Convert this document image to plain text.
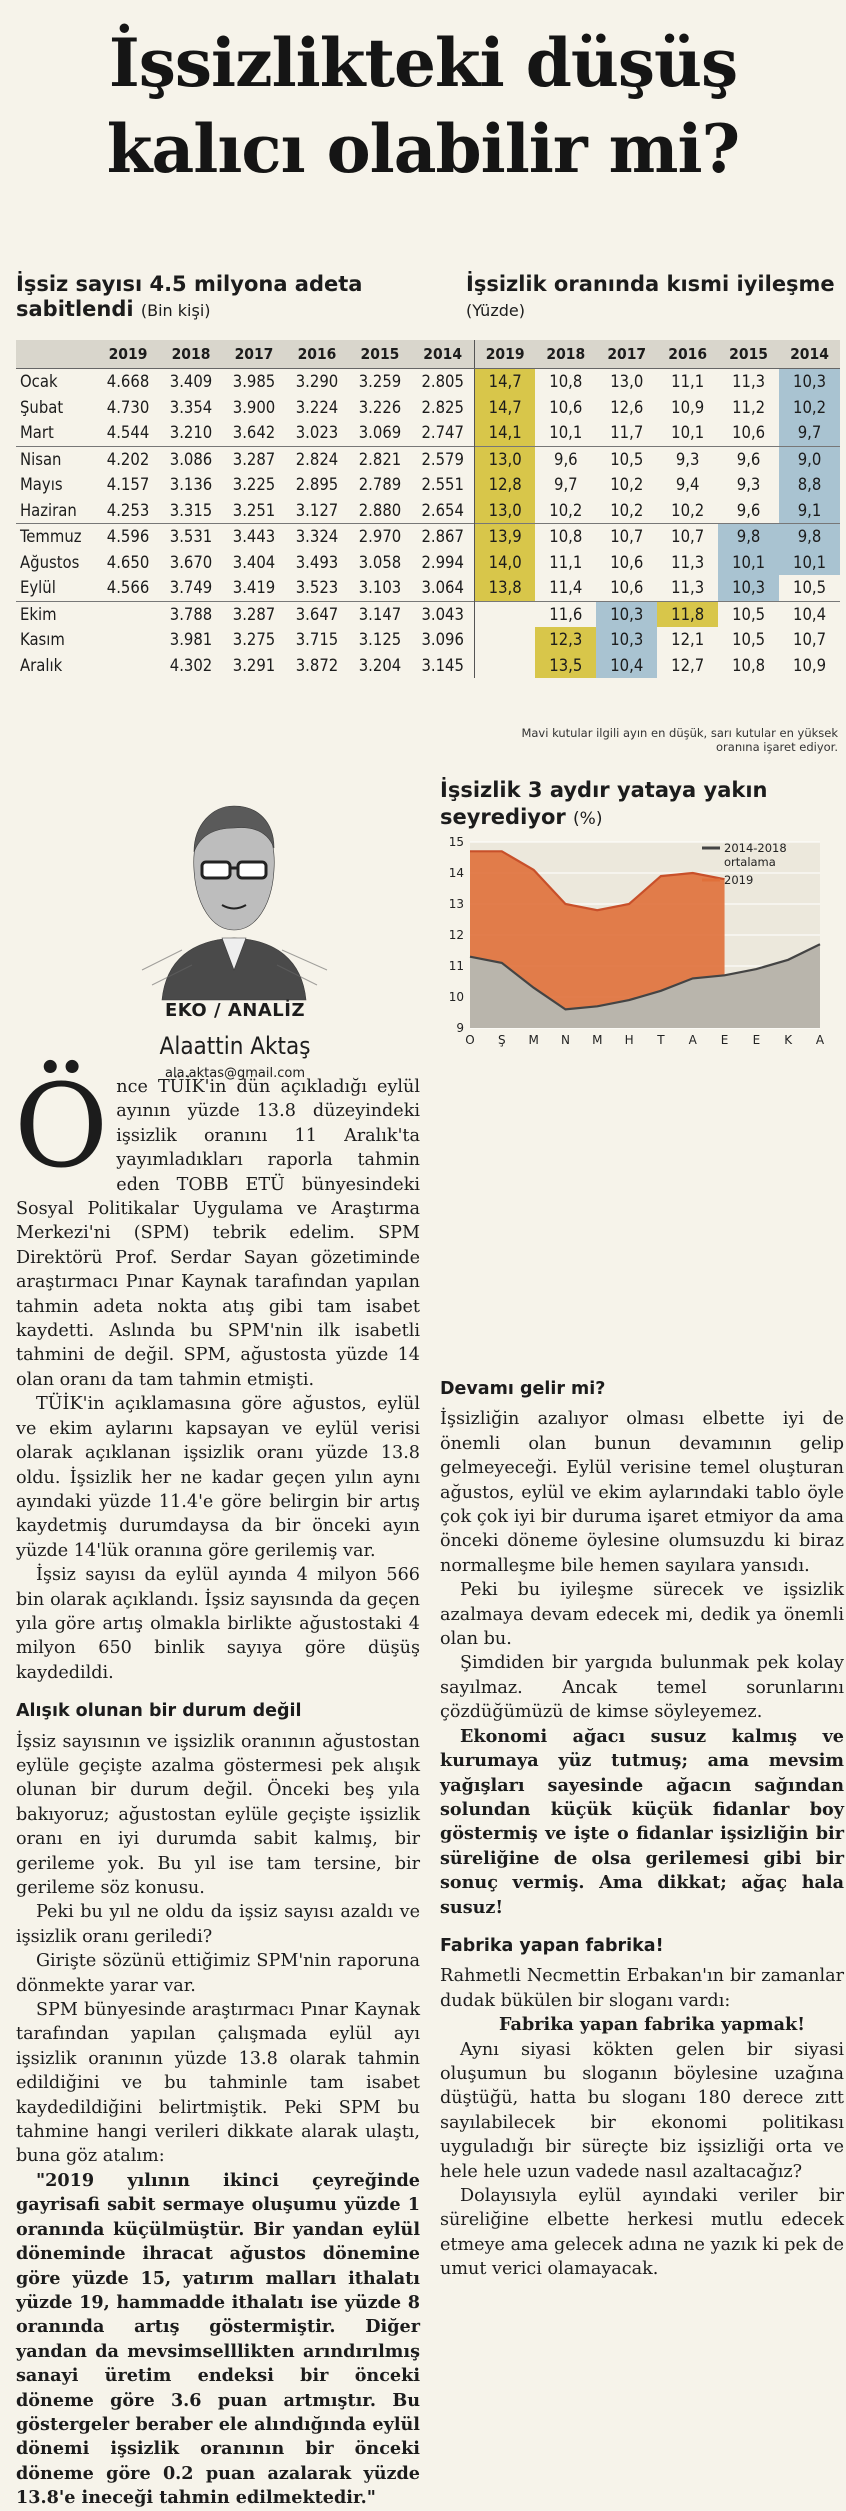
İşsizlikteki düşüş
kalıcı olabilir mi?
İşsiz sayısı 4.5 milyona adeta sabitlendi (Bin kişi)
İşsizlik oranında kısmi iyileşme (Yüzde)
	2019	2018	2017	2016	2015	2014	2019	2018	2017	2016	2015	2014
Ocak	4.668	3.409	3.985	3.290	3.259	2.805	14,7	10,8	13,0	11,1	11,3	10,3
Şubat	4.730	3.354	3.900	3.224	3.226	2.825	14,7	10,6	12,6	10,9	11,2	10,2
Mart	4.544	3.210	3.642	3.023	3.069	2.747	14,1	10,1	11,7	10,1	10,6	9,7
Nisan	4.202	3.086	3.287	2.824	2.821	2.579	13,0	9,6	10,5	9,3	9,6	9,0
Mayıs	4.157	3.136	3.225	2.895	2.789	2.551	12,8	9,7	10,2	9,4	9,3	8,8
Haziran	4.253	3.315	3.251	3.127	2.880	2.654	13,0	10,2	10,2	10,2	9,6	9,1
Temmuz	4.596	3.531	3.443	3.324	2.970	2.867	13,9	10,8	10,7	10,7	9,8	9,8
Ağustos	4.650	3.670	3.404	3.493	3.058	2.994	14,0	11,1	10,6	11,3	10,1	10,1
Eylül	4.566	3.749	3.419	3.523	3.103	3.064	13,8	11,4	10,6	11,3	10,3	10,5
Ekim		3.788	3.287	3.647	3.147	3.043		11,6	10,3	11,8	10,5	10,4
Kasım		3.981	3.275	3.715	3.125	3.096		12,3	10,3	12,1	10,5	10,7
Aralık		4.302	3.291	3.872	3.204	3.145		13,5	10,4	12,7	10,8	10,9
Mavi kutular ilgili ayın en düşük, sarı kutular en yüksek oranına işaret ediyor.
EKO / ANALİZ
Alaattin Aktaş
ala.aktas@gmail.com
İşsizlik 3 aydır yataya yakın seyrediyor (%)
9
10
11
12
13
14
15
O Ş M N M H T A E E K A
2014-2018
ortalama
2019
Ö nce TÜİK'in dün açıkladığı eylül ayının yüzde 13.8 düzeyindeki işsizlik oranını 11 Aralık'ta yayımladıkları raporla tahmin eden TOBB ETÜ bünyesindeki Sosyal Politikalar Uygulama ve Araştırma Merkezi'ni (SPM) tebrik edelim. SPM Direktörü Prof. Serdar Sayan gözetiminde araştırmacı Pınar Kaynak tarafından yapılan tahmin adeta nokta atış gibi tam isabet kaydetti. Aslında bu SPM'nin ilk isabetli tahmini de değil. SPM, ağustosta yüzde 14 olan oranı da tam tahmin etmişti.

TÜİK'in açıklamasına göre ağustos, eylül ve ekim aylarını kapsayan ve eylül verisi olarak açıklanan işsizlik oranı yüzde 13.8 oldu. İşsizlik her ne kadar geçen yılın aynı ayındaki yüzde 11.4'e göre belirgin bir artış kaydetmiş durumdaysa da bir önceki ayın yüzde 14'lük oranına göre gerilemiş var.

İşsiz sayısı da eylül ayında 4 milyon 566 bin olarak açıklandı. İşsiz sayısında da geçen yıla göre artış olmakla birlikte ağustostaki 4 milyon 650 binlik sayıya göre düşüş kaydedildi.

Alışık olunan bir durum değil

İşsiz sayısının ve işsizlik oranının ağustostan eylüle geçişte azalma göstermesi pek alışık olunan bir durum değil. Önceki beş yıla bakıyoruz; ağustostan eylüle geçişte işsizlik oranı en iyi durumda sabit kalmış, bir gerileme yok. Bu yıl ise tam tersine, bir gerileme söz konusu.

Peki bu yıl ne oldu da işsiz sayısı azaldı ve işsizlik oranı geriledi?

Girişte sözünü ettiğimiz SPM'nin raporuna dönmekte yarar var.

SPM bünyesinde araştırmacı Pınar Kaynak tarafından yapılan çalışmada eylül ayı işsizlik oranının yüzde 13.8 olarak tahmin edildiğini ve bu tahminle tam isabet kaydedildiğini belirtmiştik. Peki SPM bu tahmine hangi verileri dikkate alarak ulaştı, buna göz atalım:

"2019 yılının ikinci çeyreğinde gayrisafi sabit sermaye oluşumu yüzde 1 oranında küçülmüştür. Bir yandan eylül döneminde ihracat ağustos dönemine göre yüzde 15, yatırım malları ithalatı yüzde 19, hammadde ithalatı ise yüzde 8 oranında artış göstermiştir. Diğer yandan da mevsimselllikten arındırılmış sanayi üretim endeksi bir önceki döneme göre 3.6 puan artmıştır. Bu göstergeler beraber ele alındığında eylül dönemi işsizlik oranının bir önceki döneme göre 0.2 puan azalarak yüzde 13.8'e ineceği tahmin edilmektedir."

Devamı gelir mi?

İşsizliğin azalıyor olması elbette iyi de önemli olan bunun devamının gelip gelmeyeceği. Eylül verisine temel oluşturan ağustos, eylül ve ekim aylarındaki tablo öyle çok çok iyi bir duruma işaret etmiyor da ama önceki döneme öylesine olumsuzdu ki biraz normalleşme bile hemen sayılara yansıdı.

Peki bu iyileşme sürecek ve işsizlik azalmaya devam edecek mi, dedik ya önemli olan bu.

Şimdiden bir yargıda bulunmak pek kolay sayılmaz. Ancak temel sorunlarını çözdüğümüzü de kimse söyleyemez.

Ekonomi ağacı susuz kalmış ve kurumaya yüz tutmuş; ama mevsim yağışları sayesinde ağacın sağından solundan küçük küçük fidanlar boy göstermiş ve işte o fidanlar işsizliğin bir süreliğine de olsa gerilemesi gibi bir sonuç vermiş. Ama dikkat; ağaç hala susuz!

Fabrika yapan fabrika!

Rahmetli Necmettin Erbakan'ın bir zamanlar dudak bükülen bir sloganı vardı:

Fabrika yapan fabrika yapmak!

Aynı siyasi kökten gelen bir siyasi oluşumun bu sloganın böylesine uzağına düştüğü, hatta bu sloganı 180 derece zıtt sayılabilecek bir ekonomi politikası uyguladığı bir süreçte biz işsizliği orta ve hele hele uzun vadede nasıl azaltacağız?

Dolayısıyla eylül ayındaki veriler bir süreliğine elbette herkesi mutlu edecek etmeye ama gelecek adına ne yazık ki pek de umut verici olamayacak.
